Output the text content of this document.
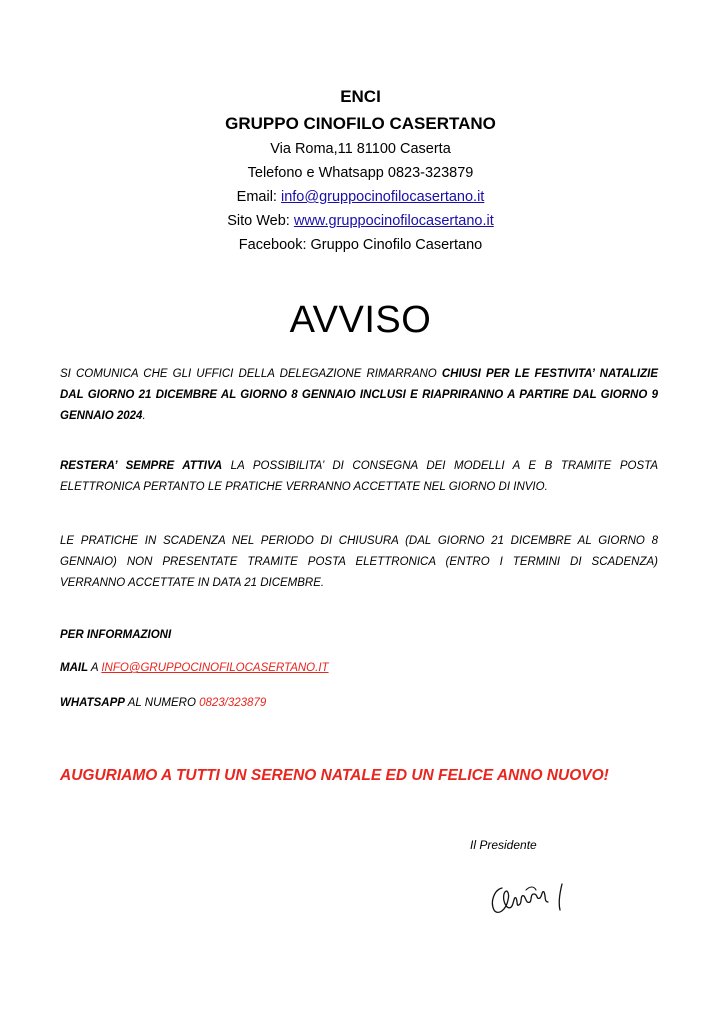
ENCI
GRUPPO CINOFILO CASERTANO
Via Roma,11 81100 Caserta
Telefono e Whatsapp 0823-323879
Email: info@gruppocinofilocasertano.it
Sito Web: www.gruppocinofilocasertano.it
Facebook: Gruppo Cinofilo Casertano
AVVISO
SI COMUNICA CHE GLI UFFICI DELLA DELEGAZIONE RIMARRANO CHIUSI PER LE FESTIVITA’ NATALIZIE DAL GIORNO 21 DICEMBRE AL GIORNO 8 GENNAIO INCLUSI E RIAPRIRANNO A PARTIRE DAL GIORNO 9 GENNAIO 2024.
RESTERA’ SEMPRE ATTIVA LA POSSIBILITA’ DI CONSEGNA DEI MODELLI A E B TRAMITE POSTA ELETTRONICA PERTANTO LE PRATICHE VERRANNO ACCETTATE NEL GIORNO DI INVIO.
LE PRATICHE IN SCADENZA NEL PERIODO DI CHIUSURA (DAL GIORNO 21 DICEMBRE AL GIORNO 8 GENNAIO) NON PRESENTATE TRAMITE POSTA ELETTRONICA (ENTRO I TERMINI DI SCADENZA) VERRANNO ACCETTATE IN DATA 21 DICEMBRE.
PER INFORMAZIONI
MAIL A INFO@GRUPPOCINOFILOCASERTANO.IT
WHATSAPP AL NUMERO 0823/323879
AUGURIAMO A TUTTI UN SERENO NATALE ED UN FELICE ANNO NUOVO!
Il Presidente
